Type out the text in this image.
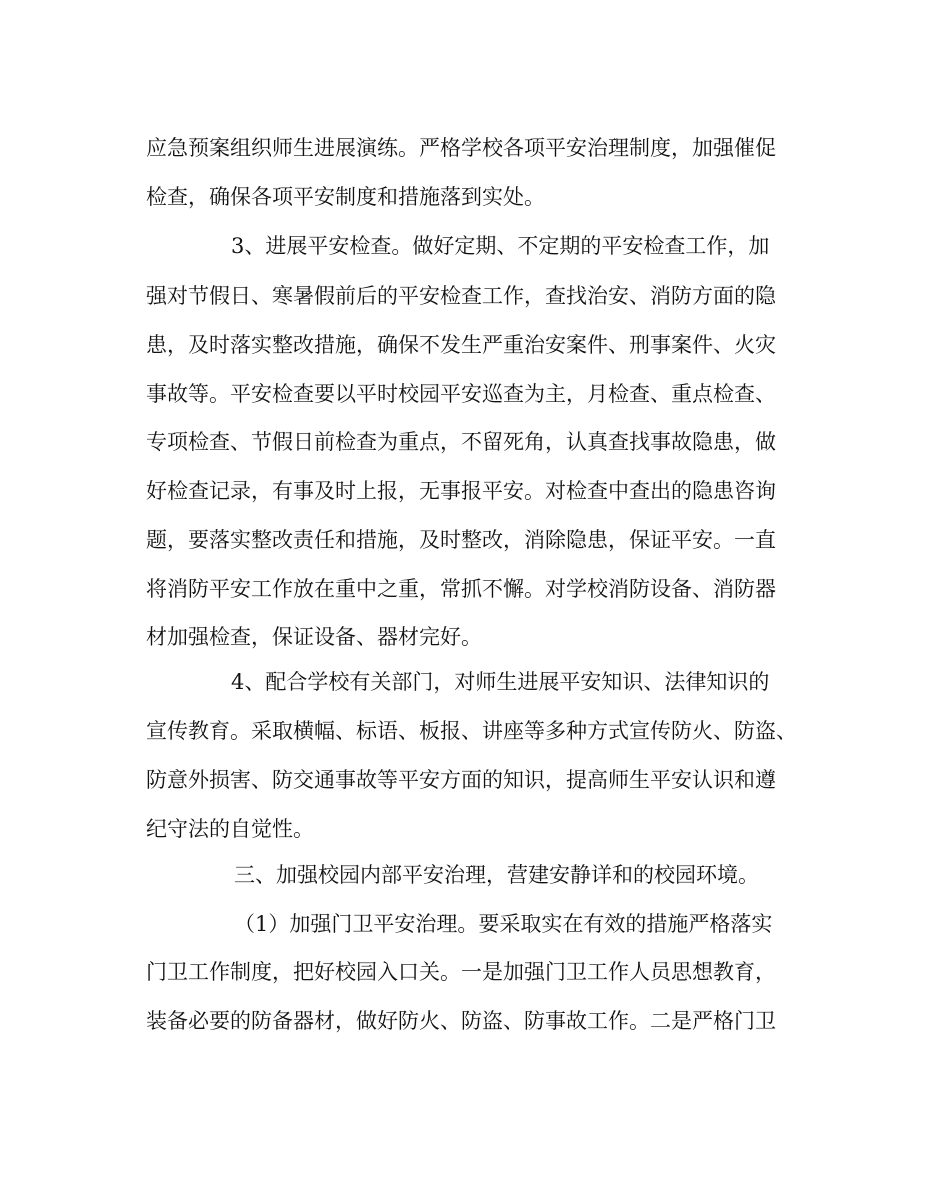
应急预案组织师生进展演练。严格学校各项平安治理制度，加强催促
检查，确保各项平安制度和措施落到实处。
3、进展平安检查。做好定期、不定期的平安检查工作，加
强对节假日、寒暑假前后的平安检查工作，查找治安、消防方面的隐
患，及时落实整改措施，确保不发生严重治安案件、刑事案件、火灾
事故等。平安检查要以平时校园平安巡查为主，月检查、重点检查、
专项检查、节假日前检查为重点，不留死角，认真查找事故隐患，做
好检查记录，有事及时上报，无事报平安。对检查中查出的隐患咨询
题，要落实整改责任和措施，及时整改，消除隐患，保证平安。一直
将消防平安工作放在重中之重，常抓不懈。对学校消防设备、消防器
材加强检查，保证设备、器材完好。
4、配合学校有关部门，对师生进展平安知识、法律知识的
宣传教育。采取横幅、标语、板报、讲座等多种方式宣传防火、防盗、
防意外损害、防交通事故等平安方面的知识，提高师生平安认识和遵
纪守法的自觉性。
三、加强校园内部平安治理，营建安静详和的校园环境。
（1）加强门卫平安治理。要采取实在有效的措施严格落实
门卫工作制度，把好校园入口关。一是加强门卫工作人员思想教育，
装备必要的防备器材，做好防火、防盗、防事故工作。二是严格门卫
